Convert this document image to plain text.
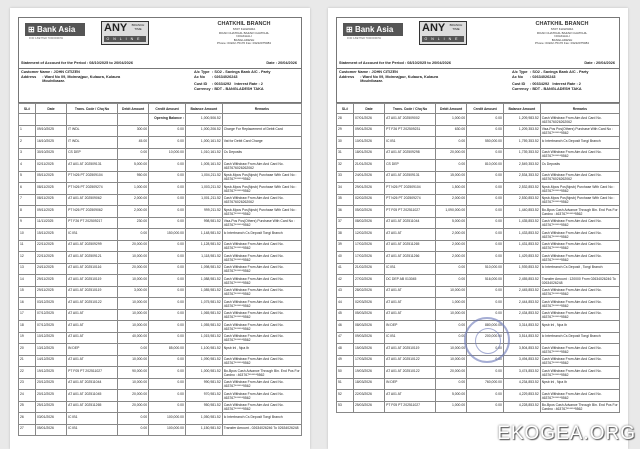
⊞ Bank Asia
FOR A BETTER TOMORROW
ANY	BRANCH TIME
ONLINE
CHATKHIL BRANCH
STAT KHILPARA
ROAD CHATKHIL BAZAR CHATKHIL
NOAKHALI
BANGLADESH
Phone: 03222-75176 Fax: 03222075084
Statement of Account for the Period : 08/10/2025 to 20/04/2026	Date : 20/04/2026
Customer Name : JOHN CITIZEN
Address : Ward No 09, Moinnajpur, Kulaura, Kulaura Moulvibazar.
A/c Type : SO2 - Savings Bank A/C - Party
Ac No : 02634026243
Cust ID : 00334292 Interest Rate : 2
Currency: BDT - BANGLADESH TAKA
SL#	Date	Trans. Code / Chq No	Debit Amount	Credit Amount	Balance Amount	Remarks
				Opening Balance :	1,000,506.52	
1	09/10/2025	IT WDL	300.00	0.00	1,000,206.52	Charge For Replacement of Debit Card
2	16/10/2025	IT WDL	45.00	0.00	1,000,161.52	Vat for Debit Card Charge
3	30/10/2025	CS DEP	0.00	10,000.00	1,010,161.52	Cs Deposits
4	02/11/2025	AT A01 AT 202509131	5,000.00	0.00	1,005,161.52	Cash Withdraw From Atm And Card No. 4637676026262062
5	05/11/2025	PT N26 PT 202509104	950.00	0.00	1,004,211.52	Npsb-Mpos Pos(Npsb) Purchase With Card No : 463767******9562
6	08/11/2025	PT N26 PT 202509274	1,000.00	0.00	1,003,211.52	Npsb-Mpos Pos(Npsb) Purchase With Card No : 463767******9562
7	08/11/2025	AT A01 AT 202509062	2,000.00	0.00	1,001,211.52	Cash Withdraw From Atm And Card No. 4637676026262062
8	09/11/2025	PT N26 PT 202509062	2,000.00	0.00	999,211.52	Npsb-Mpos Pos(Npsb) Purchase With Card No : 463767******9562
9	11/11/2025	PT F26 PT 202509217	230.00	0.00	998,981.52	Visa-Pos Pos(Others) Purchase With Card No : 463767******9562
10	15/11/2025	IC IB1	0.00	150,000.00	1,148,981.52	Ic Interbranch Cs Deposit Tongi Branch
11	22/11/2025	AT A01 AT 202509299	20,000.00	0.00	1,128,981.52	Cash Withdraw From Atm And Card No. 463767******9562
12	22/11/2025	AT A01 AT 202509121	10,000.00	0.00	1,118,981.52	Cash Withdraw From Atm And Card No. 463767******9562
13	24/11/2025	AT A01 AT 202510116	20,000.00	0.00	1,098,981.52	Cash Withdraw From Atm And Card No. 463767******9562
14	29/11/2025	AT A01 AT 202510119	10,000.00	0.00	1,088,981.52	Cash Withdraw From Atm And Card No. 463767******9562
15	29/11/2025	AT A01 AT 202510119	3,000.00	0.00	1,085,981.52	Cash Withdraw From Atm And Card No. 463767******9562
16	03/12/2025	AT A01 AT 202510122	10,000.00	0.00	1,075,981.52	Cash Withdraw From Atm And Card No. 463767******9562
17	07/12/2025	AT A01 AT	10,000.00	0.00	1,065,981.52	Cash Withdraw From Atm And Card No. 463767******9562
18	07/12/2025	AT A01 AT	10,000.00	0.00	1,055,981.52	Cash Withdraw From Atm And Card No. 463767******9562
19	10/12/2025	AT A01 AT	40,000.00	0.00	1,015,981.52	Cash Withdraw From Atm And Card No. 463767******9562
20	13/12/2025	IN DEP	0.00	85,000.00	1,100,981.52	Npsb Inl , Npa Ib
21	14/12/2025	AT A01 AT	10,000.00	0.00	1,090,981.52	Cash Withdraw From Atm And Card No. 463767******9562
22	19/12/2025	PT F05 PT 202511027	90,000.00	0.00	1,000,981.52	Bo-Bpos Cash Advance Through Bin. End Pos For Cardno : 463767******9562
23	20/12/2025	AT A01 AT 202511044	10,000.00	0.00	990,981.52	Cash Withdraw From Atm And Card No. 463767******9562
24	20/12/2025	AT A01 AT 202511045	20,000.00	0.00	970,981.52	Cash Withdraw From Atm And Card No. 463767******9562
25	25/12/2025	AT A01 AT 202511265	20,000.00	0.00	950,981.52	Cash Withdraw From Atm And Card No. 463767******9562
26	03/01/2026	IC IB1	0.00	100,000.00	1,050,981.52	Ic Interbranch Cs Deposit Tongi Branch
27	05/01/2026	IC IB1	0.00	100,000.00	1,150,981.52	Transfer Amount - 02634026246 To 02634026248
⊞ Bank Asia
FOR A BETTER TOMORROW
ANY	BRANCH TIME
ONLINE
CHATKHIL BRANCH
STAT KHILPARA
ROAD CHATKHIL BAZAR CHATKHIL
NOAKHALI
BANGLADESH
Phone: 03222-75176 Fax: 03222075084
Statement of Account for the Period : 08/10/2025 to 20/04/2026	Date : 20/04/2026
Customer Name : JOHN CITIZEN
Address : Ward No 09, Moinnajpur, Kulaura, Kulaura Moulvibazar.
A/c Type : SO2 - Savings Bank A/C - Party
Ac No : 02634026243
Cust ID : 00334292 Interest Rate : 2
Currency: BDT - BANGLADESH TAKA
SL#	Date	Trans. Code / Chq No	Debit Amount	Credit Amount	Balance Amount	Remarks
28	07/01/2026	AT A01 AT 202509002	1,000.00	0.00	1,209,983.52	Cash Withdraw From Atm And Card No. 4637676026262062
29	09/01/2026	PT F26 PT 202509231	630.00	0.00	1,209,353.52	Visa-Pos Pos(Others) Purchase With Card No : 463767******9562
30	10/01/2026	IC IB1	0.00	550,000.00	1,759,353.52	Ic Interbranch Cs Deposit Tongi Branch
31	18/01/2026	AT A01 AT 202509298	20,000.00	0.00	1,739,353.52	Cash Withdraw From Atm And Card No. 463767******9562
32	21/01/2026	CS DEP	0.00	810,000.00	2,549,353.52	Cs Deposits
33	24/01/2026	AT A01 AT 202509131	15,000.00	0.00	2,534,353.52	Cash Withdraw From Atm And Card No. 4637676026262062
34	29/01/2026	PT N26 PT 202509104	1,500.00	0.00	2,532,853.52	Npsb-Mpos Pos(Npsb) Purchase With Card No : 463767******9562
35	02/02/2026	PT N26 PT 202509274	2,000.00	0.00	2,530,853.52	Npsb-Mpos Pos(Npsb) Purchase With Card No : 463767******9562
36	05/02/2026	PT F05 PT 202511027	1,090,000.00	0.00	1,440,853.52	Bo-Bpos Cash Advance Through Bin. End Pos For Cardno : 463767******9562
37	08/02/2026	AT A01 AT 202511044	5,000.00	0.00	1,435,853.52	Cash Withdraw From Atm And Card No. 463767******9562
38	12/02/2026	AT A01 AT	2,000.00	0.00	1,433,853.52	Cash Withdraw From Atm And Card No. 463767******9562
39	17/02/2026	AT A01 AT 202511265	2,000.00	0.00	1,431,853.52	Cash Withdraw From Atm And Card No. 463767******9562
40	17/02/2026	AT A01 AT 202511266	2,000.00	0.00	1,429,853.52	Cash Withdraw From Atm And Card No. 463767******9562
41	21/02/2026	IC IB1	0.00	510,000.00	1,939,853.52	Ic Interbranch Cs Deposit , Tongi Branch
42	27/02/2026	DC DEP AB 013045	0.00	516,000.00	2,455,853.52	Transfer Amount : 120000 From 02634026246 To 02634026248
43	28/02/2026	AT A01 AT	10,000.00	0.00	2,445,853.52	Cash Withdraw From Atm And Card No. 463767******9562
44	02/03/2026	AT A01 AT	1,000.00	0.00	2,444,853.52	Cash Withdraw From Atm And Card No. 463767******9562
45	05/03/2026	AT A01 AT	10,000.00	0.00	2,434,853.52	Cash Withdraw From Atm And Card No. 463767******9562
46	08/03/2026	IN DEP	0.00	880,000.00	3,314,853.52	Npsb Inl , Npa Ib
47	09/03/2026	IC IB1	0.00	200,000.00	3,514,853.52	Ic Interbranch Cs Deposit Tongi Branch
48	15/03/2026	AT A01 AT 202510119	10,000.00	0.00	3,504,853.52	Cash Withdraw From Atm And Card No. 463767******9562
49	17/03/2026	AT A01 AT 202510122	10,000.00	0.00	3,494,853.52	Cash Withdraw From Atm And Card No. 463767******9562
50	19/03/2026	AT A01 AT 202510122	20,000.00	0.00	3,474,853.52	Cash Withdraw From Atm And Card No. 463767******9562
51	18/03/2026	IN DEP	0.00	760,000.00	4,234,853.52	Npsb Inl , Npa Ib
52	22/03/2026	AT A01 AT	5,000.00	0.00	4,229,853.52	Cash Withdraw From Atm And Card No. 463767******9562
53	25/03/2026	PT F05 PT 202511027	1,000.00	0.00	4,228,853.52	Bo-Bpos Cash Advance Through Bin. End Pos For Cardno : 463767******9562
EKOGEA.ORG
